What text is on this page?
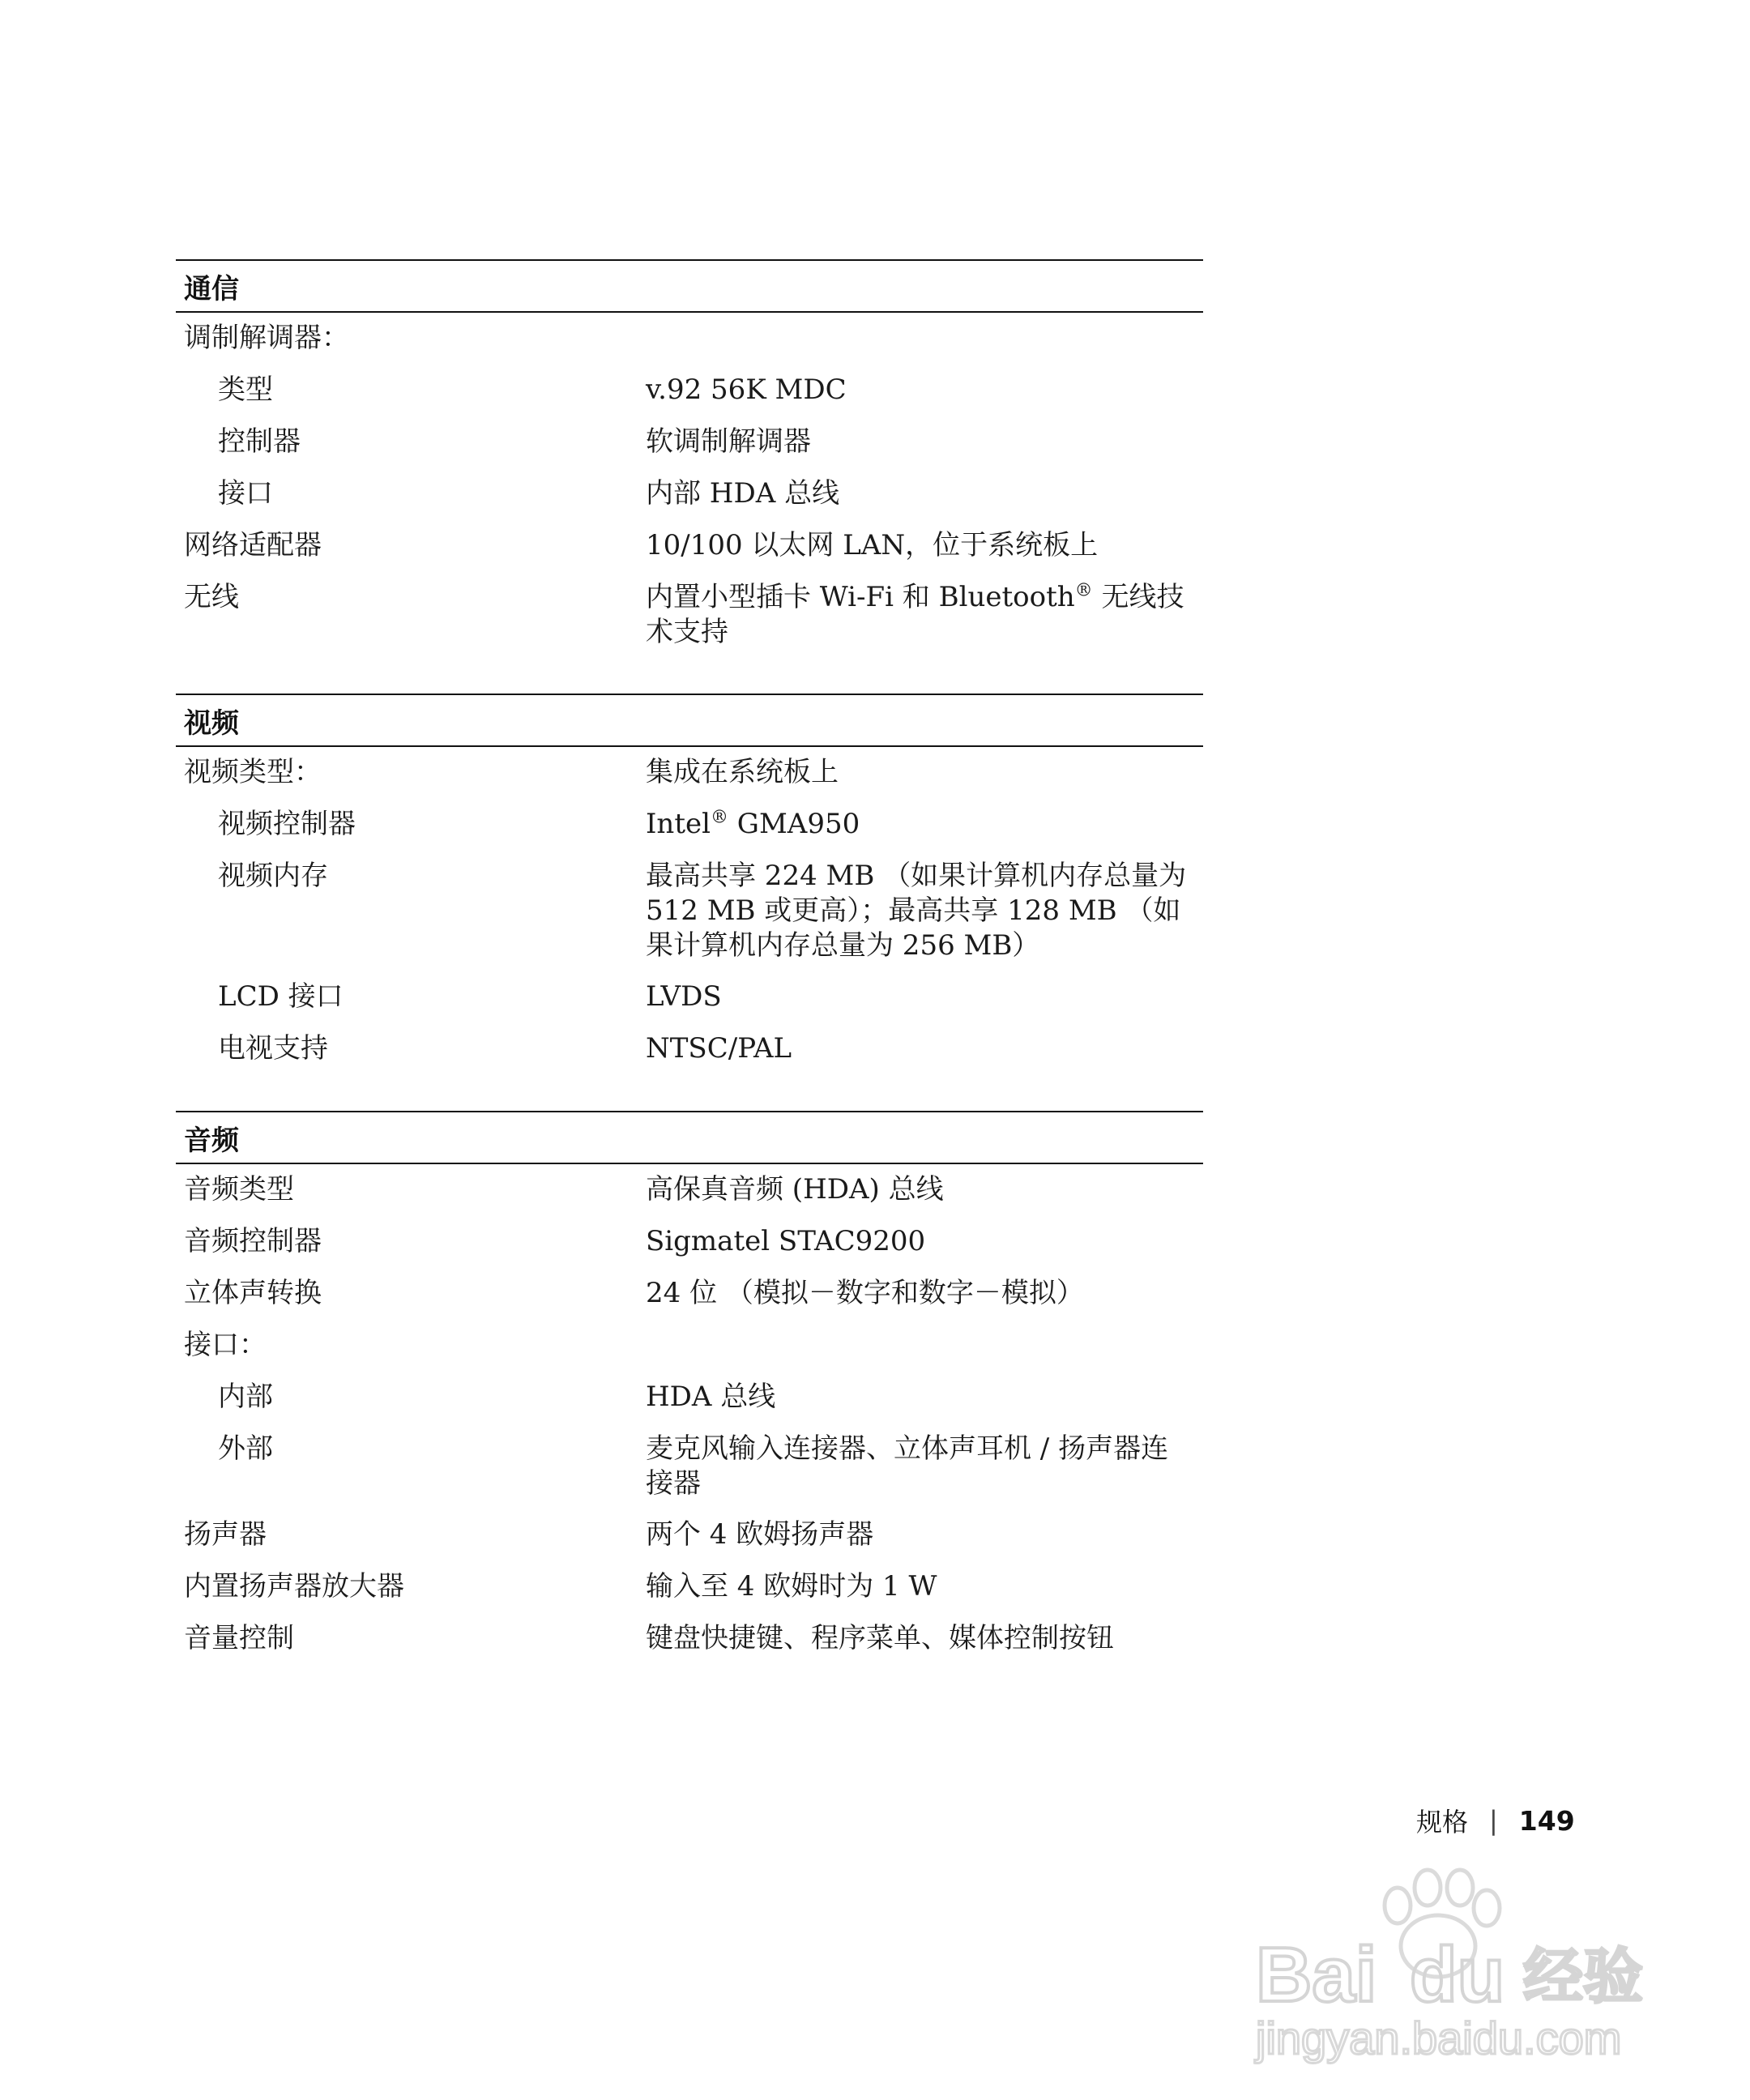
通信
调制解调器：
类型	v.92 56K MDC
控制器	软调制解调器
接口	内部 HDA 总线
网络适配器	10/100 以太网 LAN，位于系统板上
无线	内置小型插卡 Wi-Fi 和 Bluetooth® 无线技术支持
视频
视频类型：	集成在系统板上
视频控制器	Intel® GMA950
视频内存	最高共享 224 MB （如果计算机内存总量为 512 MB 或更高）；最高共享 128 MB （如果计算机内存总量为 256 MB）
LCD 接口	LVDS
电视支持	NTSC/PAL
音频
音频类型	高保真音频 (HDA) 总线
音频控制器	Sigmatel STAC9200
立体声转换	24 位 （模拟－数字和数字－模拟）
接口：
内部	HDA 总线
外部	麦克风输入连接器、立体声耳机 / 扬声器连接器
扬声器	两个 4 欧姆扬声器
内置扬声器放大器	输入至 4 欧姆时为 1 W
音量控制	键盘快捷键、程序菜单、媒体控制按钮
Bai du 经验
jingyan.baidu.com
规格 | 149
